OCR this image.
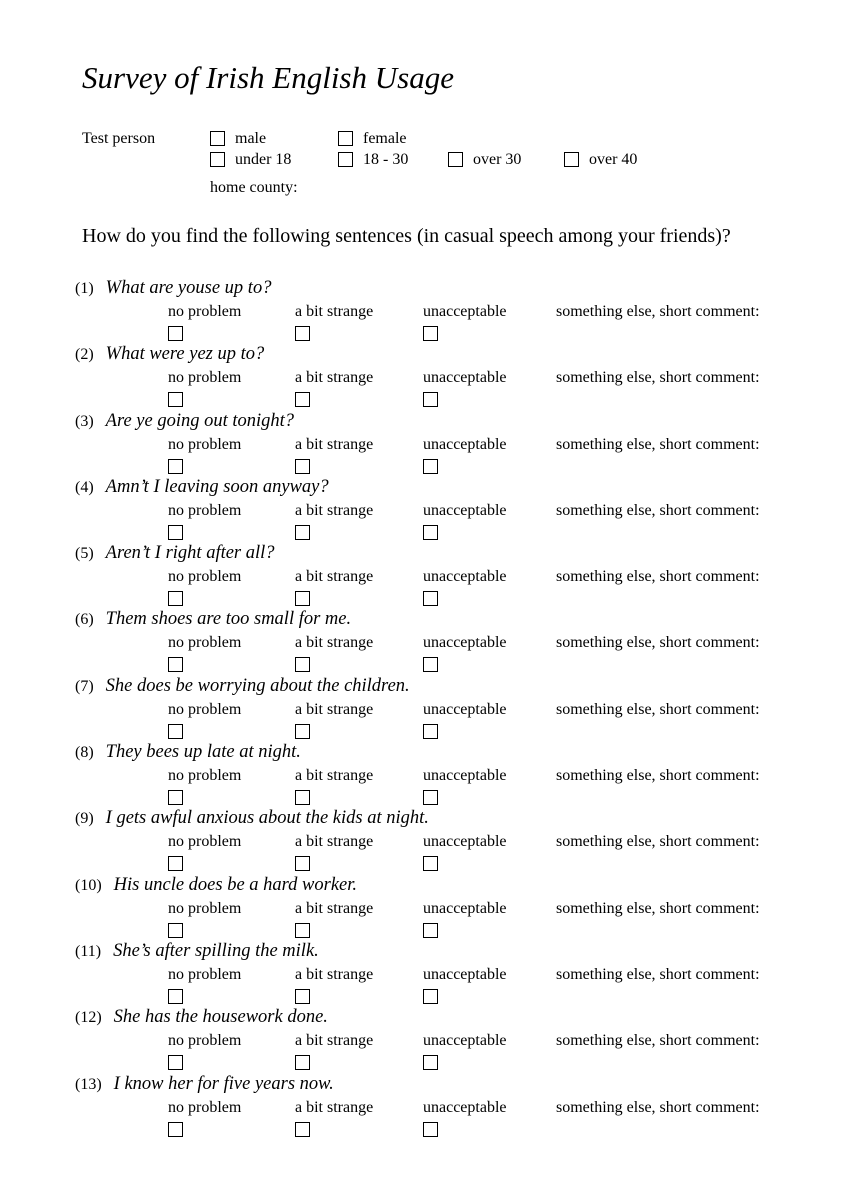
Survey of Irish English Usage
Test person	male	female
under 18	18 - 30	over 30	over 40
home county:
How do you find the following sentences (in casual speech among your friends)?
(1) What are youse up to?
no problem	a bit strange	unacceptable	something else, short comment:
(2) What were yez up to?
no problem	a bit strange	unacceptable	something else, short comment:
(3) Are ye going out tonight?
no problem	a bit strange	unacceptable	something else, short comment:
(4) Amn’t I leaving soon anyway?
no problem	a bit strange	unacceptable	something else, short comment:
(5) Aren’t I right after all?
no problem	a bit strange	unacceptable	something else, short comment:
(6) Them shoes are too small for me.
no problem	a bit strange	unacceptable	something else, short comment:
(7) She does be worrying about the children.
no problem	a bit strange	unacceptable	something else, short comment:
(8) They bees up late at night.
no problem	a bit strange	unacceptable	something else, short comment:
(9) I gets awful anxious about the kids at night.
no problem	a bit strange	unacceptable	something else, short comment:
(10) His uncle does be a hard worker.
no problem	a bit strange	unacceptable	something else, short comment:
(11) She’s after spilling the milk.
no problem	a bit strange	unacceptable	something else, short comment:
(12) She has the housework done.
no problem	a bit strange	unacceptable	something else, short comment:
(13) I know her for five years now.
no problem	a bit strange	unacceptable	something else, short comment:
